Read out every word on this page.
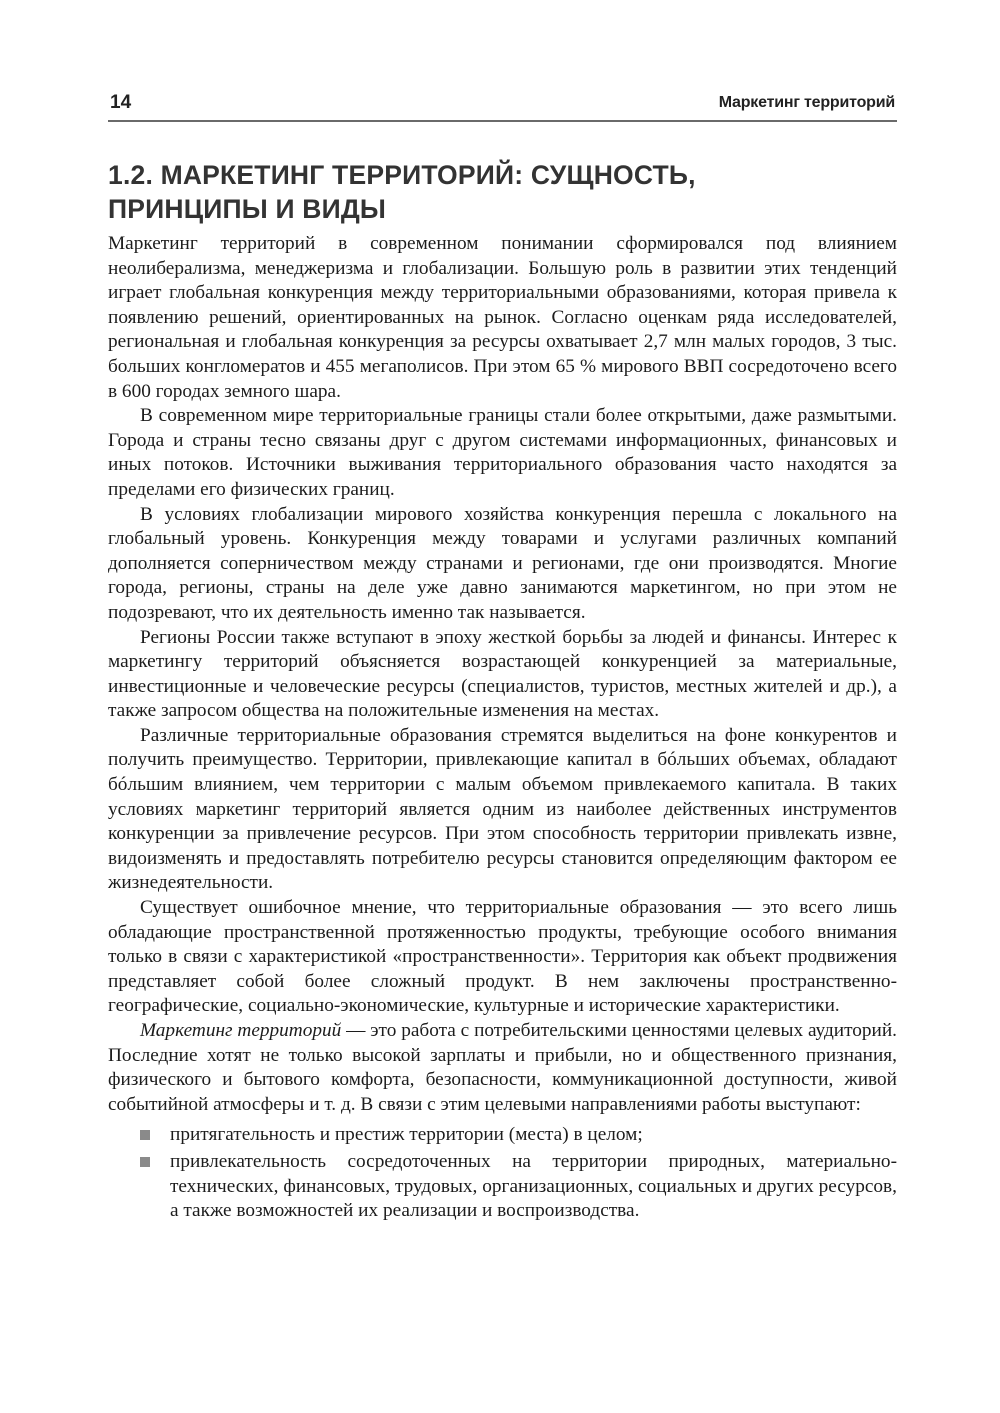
14	Маркетинг территорий
1.2. МАРКЕТИНГ ТЕРРИТОРИЙ: СУЩНОСТЬ,
ПРИНЦИПЫ И ВИДЫ

Маркетинг территорий в современном понимании сформировался под влиянием неолиберализма, менеджеризма и глобализации. Большую роль в развитии этих тенденций играет глобальная конкуренция между территориальными образованиями, которая привела к появлению решений, ориентированных на рынок. Согласно оценкам ряда исследователей, региональная и глобальная конкуренция за ресурсы охватывает 2,7 млн малых городов, 3 тыс. больших конгломератов и 455 мегаполисов. При этом 65 % мирового ВВП сосредоточено всего в 600 городах земного шара.

В современном мире территориальные границы стали более открытыми, даже размытыми. Города и страны тесно связаны друг с другом системами информационных, финансовых и иных потоков. Источники выживания территориального образования часто находятся за пределами его физических границ.

В условиях глобализации мирового хозяйства конкуренция перешла с локального на глобальный уровень. Конкуренция между товарами и услугами различных компаний дополняется соперничеством между странами и регионами, где они производятся. Многие города, регионы, страны на деле уже давно занимаются маркетингом, но при этом не подозревают, что их деятельность именно так называется.

Регионы России также вступают в эпоху жесткой борьбы за людей и финансы. Интерес к маркетингу территорий объясняется возрастающей конкуренцией за материальные, инвестиционные и человеческие ресурсы (специалистов, туристов, местных жителей и др.), а также запросом общества на положительные изменения на местах.

Различные территориальные образования стремятся выделиться на фоне конкурентов и получить преимущество. Территории, привлекающие капитал в бóльших объемах, обладают бóльшим влиянием, чем территории с малым объемом привлекаемого капитала. В таких условиях маркетинг территорий является одним из наиболее действенных инструментов конкуренции за привлечение ресурсов. При этом способность территории привлекать извне, видоизменять и предоставлять потребителю ресурсы становится определяющим фактором ее жизнедеятельности.

Существует ошибочное мнение, что территориальные образования — это всего лишь обладающие пространственной протяженностью продукты, требующие особого внимания только в связи с характеристикой «пространственности». Территория как объект продвижения представляет собой более сложный продукт. В нем заключены пространственно-географические, социально-экономические, культурные и исторические характеристики.

Маркетинг территорий — это работа с потребительскими ценностями целевых аудиторий. Последние хотят не только высокой зарплаты и прибыли, но и общественного признания, физического и бытового комфорта, безопасности, коммуникационной доступности, живой событийной атмосферы и т. д. В связи с этим целевыми направлениями работы выступают:

притягательность и престиж территории (места) в целом;
привлекательность сосредоточенных на территории природных, материально-технических, финансовых, трудовых, организационных, социальных и других ресурсов, а также возможностей их реализации и воспроизводства.
